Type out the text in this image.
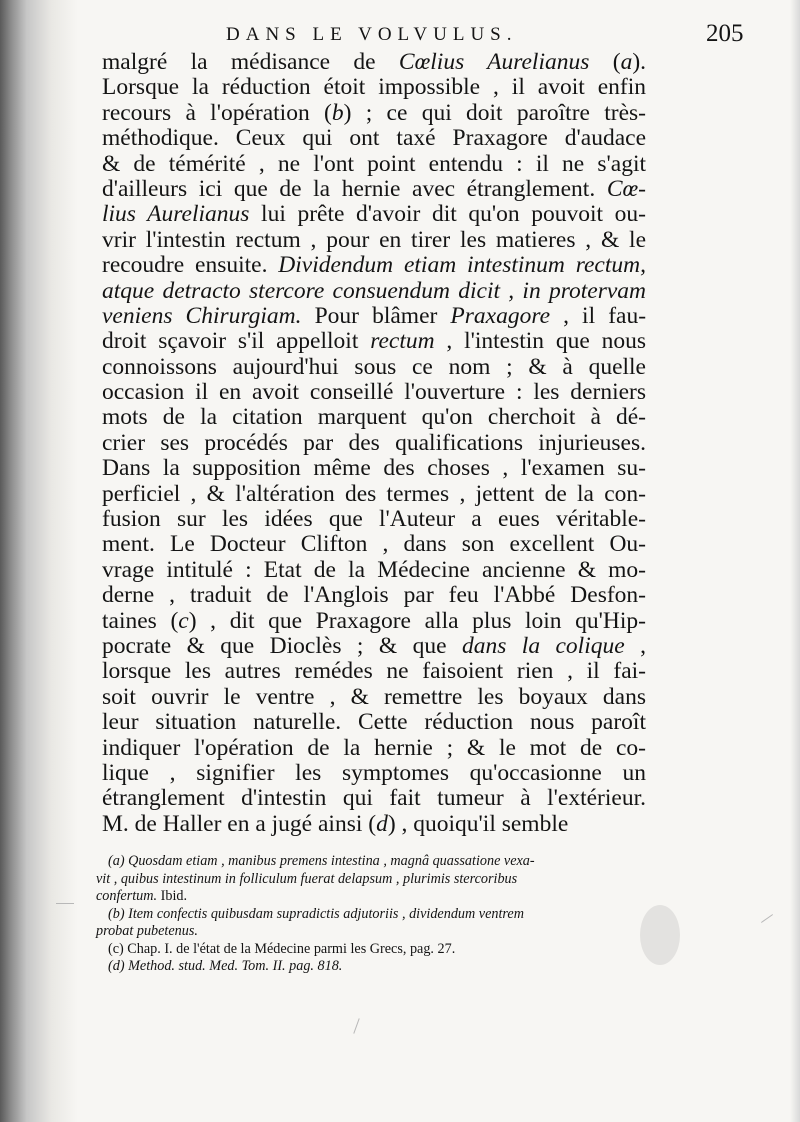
DANS LE VOLVULUS.	205
malgré la médisance de Cœlius Aurelianus (a).
Lorsque la réduction étoit impossible , il avoit enfin
recours à l'opération (b) ; ce qui doit paroître très-
méthodique. Ceux qui ont taxé Praxagore d'audace
& de témérité , ne l'ont point entendu : il ne s'agit
d'ailleurs ici que de la hernie avec étranglement. Cœ-
lius Aurelianus lui prête d'avoir dit qu'on pouvoit ou-
vrir l'intestin rectum , pour en tirer les matieres , & le
recoudre ensuite. Dividendum etiam intestinum rectum,
atque detracto stercore consuendum dicit , in protervam
veniens Chirurgiam. Pour blâmer Praxagore , il fau-
droit sçavoir s'il appelloit rectum , l'intestin que nous
connoissons aujourd'hui sous ce nom ; & à quelle
occasion il en avoit conseillé l'ouverture : les derniers
mots de la citation marquent qu'on cherchoit à dé-
crier ses procédés par des qualifications injurieuses.
Dans la supposition même des choses , l'examen su-
perficiel , & l'altération des termes , jettent de la con-
fusion sur les idées que l'Auteur a eues véritable-
ment. Le Docteur Clifton , dans son excellent Ou-
vrage intitulé : Etat de la Médecine ancienne & mo-
derne , traduit de l'Anglois par feu l'Abbé Desfon-
taines (c) , dit que Praxagore alla plus loin qu'Hip-
pocrate & que Dioclès ; & que dans la colique ,
lorsque les autres remédes ne faisoient rien , il fai-
soit ouvrir le ventre , & remettre les boyaux dans
leur situation naturelle. Cette réduction nous paroît
indiquer l'opération de la hernie ; & le mot de co-
lique , signifier les symptomes qu'occasionne un
étranglement d'intestin qui fait tumeur à l'extérieur.
M. de Haller en a jugé ainsi (d) , quoiqu'il semble
(a) Quosdam etiam , manibus premens intestina , magnâ quassatione vexa-
vit , quibus intestinum in folliculum fuerat delapsum , plurimis stercoribus
confertum. Ibid.
(b) Item confectis quibusdam supradictis adjutoriis , dividendum ventrem
probat pubetenus.
(c) Chap. I. de l'état de la Médecine parmi les Grecs, pag. 27.
(d) Method. stud. Med. Tom. II. pag. 818.
